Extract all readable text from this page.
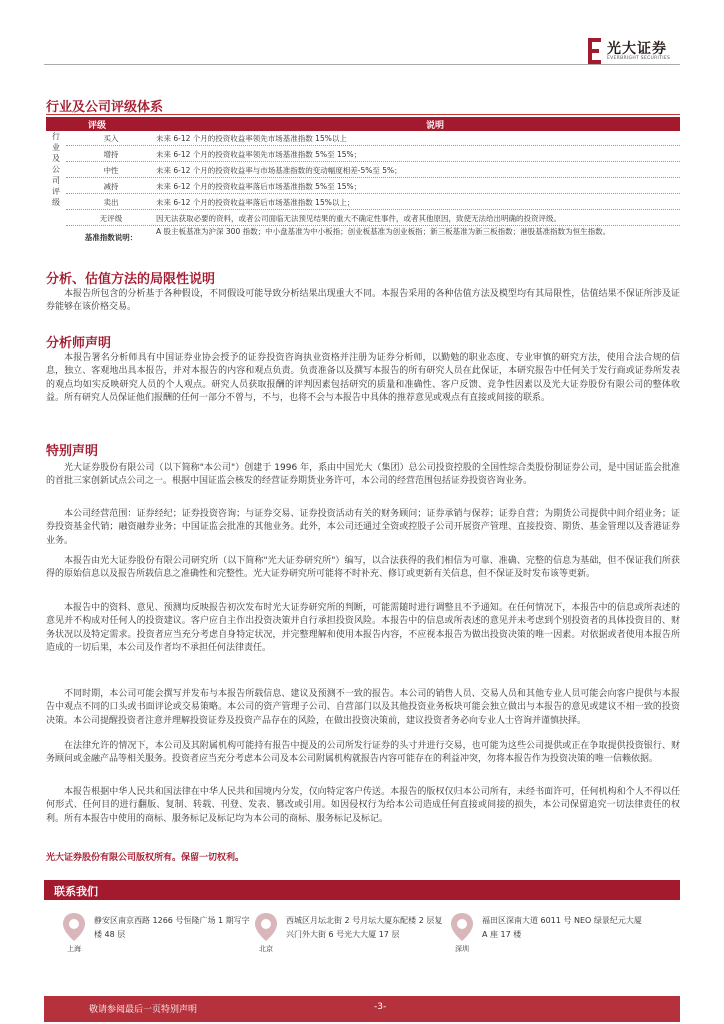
光大证券
EVERBRIGHT SECURITIES
行业及公司评级体系
评级	说明
行
业
及
公
司
评
级
买入	未来 6-12 个月的投资收益率领先市场基准指数 15%以上
增持	未来 6-12 个月的投资收益率领先市场基准指数 5%至 15%；
中性	未来 6-12 个月的投资收益率与市场基准指数的变动幅度相差-5%至 5%；
减持	未来 6-12 个月的投资收益率落后市场基准指数 5%至 15%；
卖出	未来 6-12 个月的投资收益率落后市场基准指数 15%以上；
无评级	因无法获取必要的资料，或者公司面临无法预见结果的重大不确定性事件，或者其他原因，致使无法给出明确的投资评级。
基准指数说明：
A 股主板基准为沪深 300 指数；中小盘基准为中小板指；创业板基准为创业板指；新三板基准为新三板指数；港股基准指数为恒生指数。
分析、估值方法的局限性说明
本报告所包含的分析基于各种假设，不同假设可能导致分析结果出现重大不同。本报告采用的各种估值方法及模型均有其局限性，估值结果不保证所涉及证券能够在该价格交易。
分析师声明
本报告署名分析师具有中国证券业协会授予的证券投资咨询执业资格并注册为证券分析师，以勤勉的职业态度、专业审慎的研究方法，使用合法合规的信息，独立、客观地出具本报告，并对本报告的内容和观点负责。负责准备以及撰写本报告的所有研究人员在此保证，本研究报告中任何关于发行商或证券所发表的观点均如实反映研究人员的个人观点。研究人员获取报酬的评判因素包括研究的质量和准确性、客户反馈、竞争性因素以及光大证券股份有限公司的整体收益。所有研究人员保证他们报酬的任何一部分不曾与，不与，也将不会与本报告中具体的推荐意见或观点有直接或间接的联系。
特别声明
光大证券股份有限公司（以下简称"本公司"）创建于 1996 年，系由中国光大（集团）总公司投资控股的全国性综合类股份制证券公司，是中国证监会批准的首批三家创新试点公司之一。根据中国证监会核发的经营证券期货业务许可，本公司的经营范围包括证券投资咨询业务。
本公司经营范围：证券经纪；证券投资咨询；与证券交易、证券投资活动有关的财务顾问；证券承销与保荐；证券自营；为期货公司提供中间介绍业务；证券投资基金代销；融资融券业务；中国证监会批准的其他业务。此外，本公司还通过全资或控股子公司开展资产管理、直接投资、期货、基金管理以及香港证券业务。
本报告由光大证券股份有限公司研究所（以下简称"光大证券研究所"）编写，以合法获得的我们相信为可靠、准确、完整的信息为基础，但不保证我们所获得的原始信息以及报告所载信息之准确性和完整性。光大证券研究所可能将不时补充、修订或更新有关信息，但不保证及时发布该等更新。
本报告中的资料、意见、预测均反映报告初次发布时光大证券研究所的判断，可能需随时进行调整且不予通知。在任何情况下，本报告中的信息或所表述的意见并不构成对任何人的投资建议。客户应自主作出投资决策并自行承担投资风险。本报告中的信息或所表述的意见并未考虑到个别投资者的具体投资目的、财务状况以及特定需求。投资者应当充分考虑自身特定状况，并完整理解和使用本报告内容，不应视本报告为做出投资决策的唯一因素。对依据或者使用本报告所造成的一切后果，本公司及作者均不承担任何法律责任。
不同时期，本公司可能会撰写并发布与本报告所载信息、建议及预测不一致的报告。本公司的销售人员、交易人员和其他专业人员可能会向客户提供与本报告中观点不同的口头或书面评论或交易策略。本公司的资产管理子公司、自营部门以及其他投资业务板块可能会独立做出与本报告的意见或建议不相一致的投资决策。本公司提醒投资者注意并理解投资证券及投资产品存在的风险，在做出投资决策前，建议投资者务必向专业人士咨询并谨慎抉择。
在法律允许的情况下，本公司及其附属机构可能持有报告中提及的公司所发行证券的头寸并进行交易，也可能为这些公司提供或正在争取提供投资银行、财务顾问或金融产品等相关服务。投资者应当充分考虑本公司及本公司附属机构就报告内容可能存在的利益冲突，勿将本报告作为投资决策的唯一信赖依据。
本报告根据中华人民共和国法律在中华人民共和国境内分发，仅向特定客户传送。本报告的版权仅归本公司所有，未经书面许可，任何机构和个人不得以任何形式、任何目的进行翻版、复制、转载、刊登、发表、篡改或引用。如因侵权行为给本公司造成任何直接或间接的损失，本公司保留追究一切法律责任的权利。所有本报告中使用的商标、服务标记及标记均为本公司的商标、服务标记及标记。
光大证券股份有限公司版权所有。保留一切权利。
联系我们
上海
静安区南京西路 1266 号恒隆广场 1 期写字楼 48 层
北京
西城区月坛北街 2 号月坛大厦东配楼 2 层复兴门外大街 6 号光大大厦 17 层
深圳
福田区深南大道 6011 号 NEO 绿景纪元大厦 A 座 17 楼
敬请参阅最后一页特别声明	-3-
